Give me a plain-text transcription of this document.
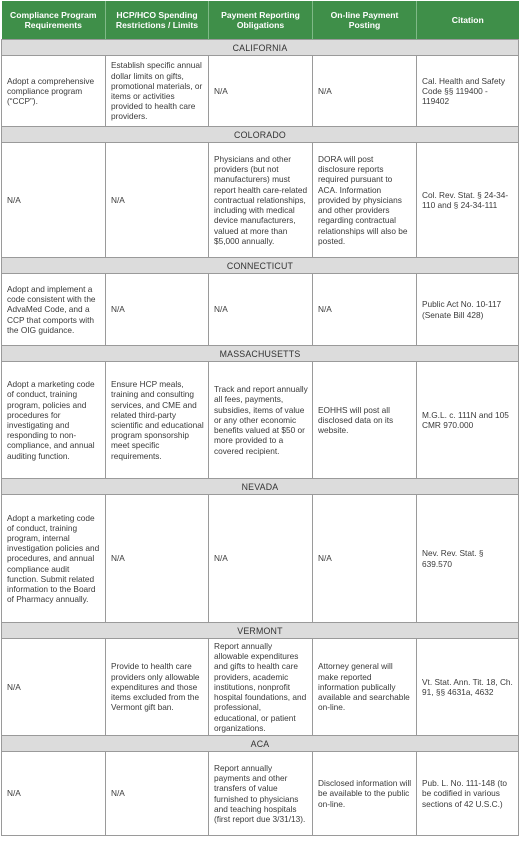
Compliance Program Requirements	HCP/HCO Spending Restrictions / Limits	Payment Reporting Obligations	On-line Payment Posting	Citation
CALIFORNIA				
Adopt a comprehensive compliance program (“CCP”).	Establish specific annual dollar limits on gifts, promotional materials, or items or activities provided to health care providers.	N/A	N/A	Cal. Health and Safety Code §§ 119400 - 119402
COLORADO				
N/A	N/A	Physicians and other providers (but not manufacturers) must report health care-related contractual relationships, including with medical device manufacturers, valued at more than $5,000 annually.	DORA will post disclosure reports required pursuant to ACA. Information provided by physicians and other providers regarding contractual relationships will also be posted.	Col. Rev. Stat. § 24-34-110 and § 24-34-111
CONNECTICUT				
Adopt and implement a code consistent with the AdvaMed Code, and a CCP that comports with the OIG guidance.	N/A	N/A	N/A	Public Act No. 10-117 (Senate Bill 428)
MASSACHUSETTS				
Adopt a marketing code of conduct, training program, policies and procedures for investigating and responding to non-compliance, and annual auditing function.	Ensure HCP meals, training and consulting services, and CME and related third-party scientific and educational program sponsorship meet specific requirements.	Track and report annually all fees, payments, subsidies, items of value or any other economic benefits valued at $50 or more provided to a covered recipient.	EOHHS will post all disclosed data on its website.	M.G.L. c. 111N and 105 CMR 970.000
NEVADA				
Adopt a marketing code of conduct, training program, internal investigation policies and procedures, and annual compliance audit function. Submit related information to the Board of Pharmacy annually.	N/A	N/A	N/A	Nev. Rev. Stat. § 639.570
VERMONT				
N/A	Provide to health care providers only allowable expenditures and those items excluded from the Vermont gift ban.	Report annually allowable expenditures and gifts to health care providers, academic institutions, nonprofit hospital foundations, and professional, educational, or patient organizations.	Attorney general will make reported information publically available and searchable on-line.	Vt. Stat. Ann. Tit. 18, Ch. 91, §§ 4631a, 4632
ACA				
N/A	N/A	Report annually payments and other transfers of value furnished to physicians and teaching hospitals (first report due 3/31/13).	Disclosed information will be available to the public on-line.	Pub. L. No. 111-148 (to be codified in various sections of 42 U.S.C.)
